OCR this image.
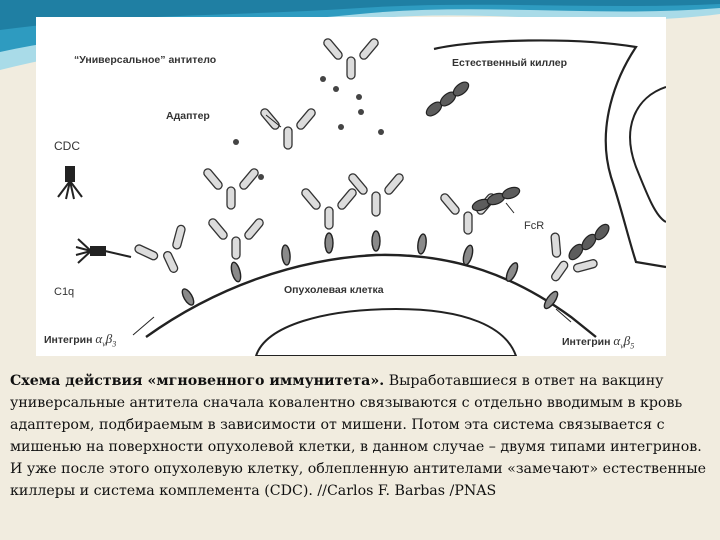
“Универсальное” антитело
Адаптер
CDC
C1q
Естественный киллер
FcR
Опухолевая клетка
Интегрин $\alpha_v\beta_3$	Интегрин $\alpha_v\beta_5$

Схема действия «мгновенного иммунитета». Выработавшиеся в ответ на вакцину универсальные антитела сначала ковалентно связываются с отдельно вводимым в кровь адаптером, подбираемым в зависимости от мишени. Потом эта система связывается с мишенью на поверхности опухолевой клетки, в данном случае – двумя типами интегринов. И уже после этого опухолевую клетку, облепленную антителами «замечают» естественные киллеры и система комплемента (CDC). //Carlos F. Barbas /PNAS
